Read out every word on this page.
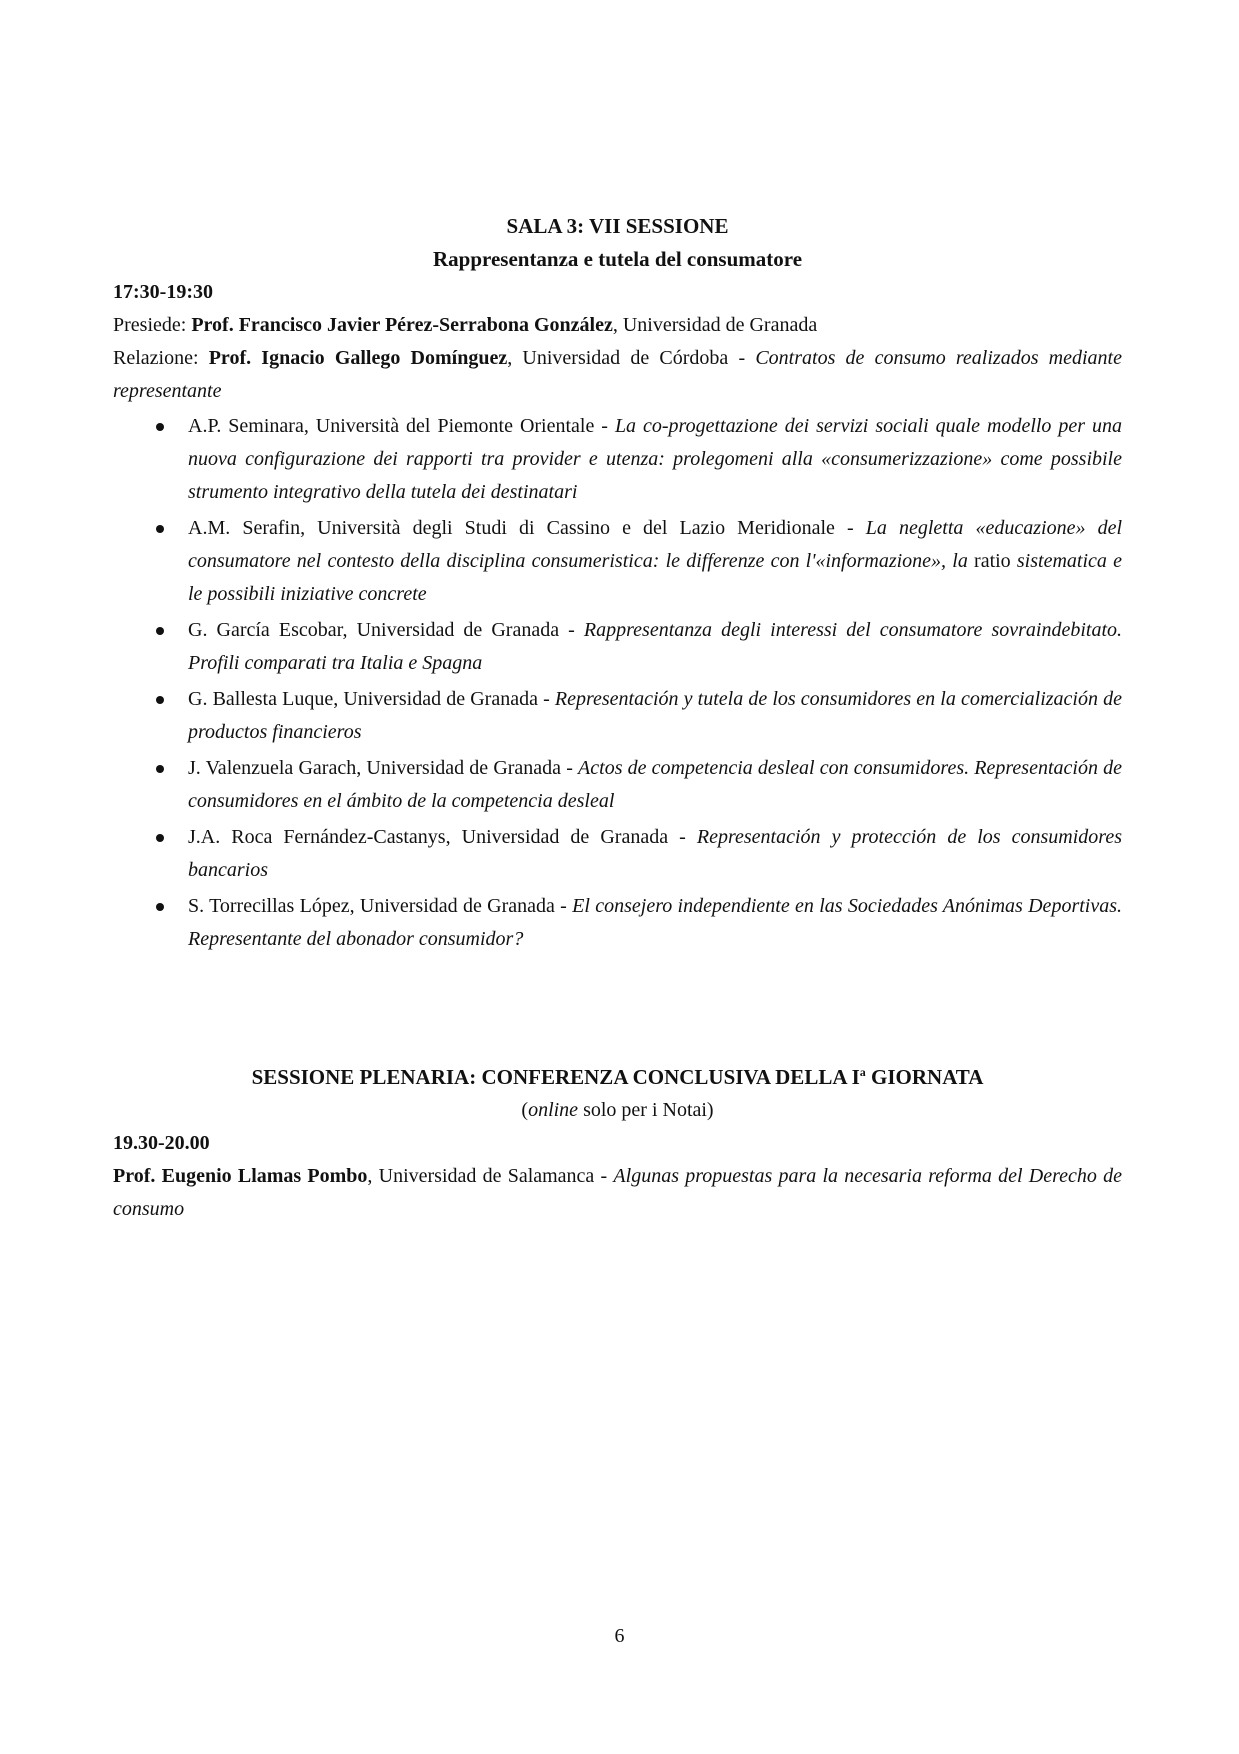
SALA 3: VII SESSIONE
Rappresentanza e tutela del consumatore
17:30-19:30
Presiede: Prof. Francisco Javier Pérez-Serrabona González, Universidad de Granada
Relazione: Prof. Ignacio Gallego Domínguez, Universidad de Córdoba - Contratos de consumo realizados mediante representante
A.P. Seminara, Università del Piemonte Orientale - La co-progettazione dei servizi sociali quale modello per una nuova configurazione dei rapporti tra provider e utenza: prolegomeni alla «consumerizzazione» come possibile strumento integrativo della tutela dei destinatari
A.M. Serafin, Università degli Studi di Cassino e del Lazio Meridionale - La negletta «educazione» del consumatore nel contesto della disciplina consumeristica: le differenze con l'«informazione», la ratio sistematica e le possibili iniziative concrete
G. García Escobar, Universidad de Granada - Rappresentanza degli interessi del consumatore sovraindebitato. Profili comparati tra Italia e Spagna
G. Ballesta Luque, Universidad de Granada - Representación y tutela de los consumidores en la comercialización de productos financieros
J. Valenzuela Garach, Universidad de Granada - Actos de competencia desleal con consumidores. Representación de consumidores en el ámbito de la competencia desleal
J.A. Roca Fernández-Castanys, Universidad de Granada - Representación y protección de los consumidores bancarios
S. Torrecillas López, Universidad de Granada - El consejero independiente en las Sociedades Anónimas Deportivas. Representante del abonador consumidor?
SESSIONE PLENARIA: CONFERENZA CONCLUSIVA DELLA $I^a$ GIORNATA
(online solo per i Notai)
19.30-20.00
Prof. Eugenio Llamas Pombo, Universidad de Salamanca - Algunas propuestas para la necesaria reforma del Derecho de consumo
6
